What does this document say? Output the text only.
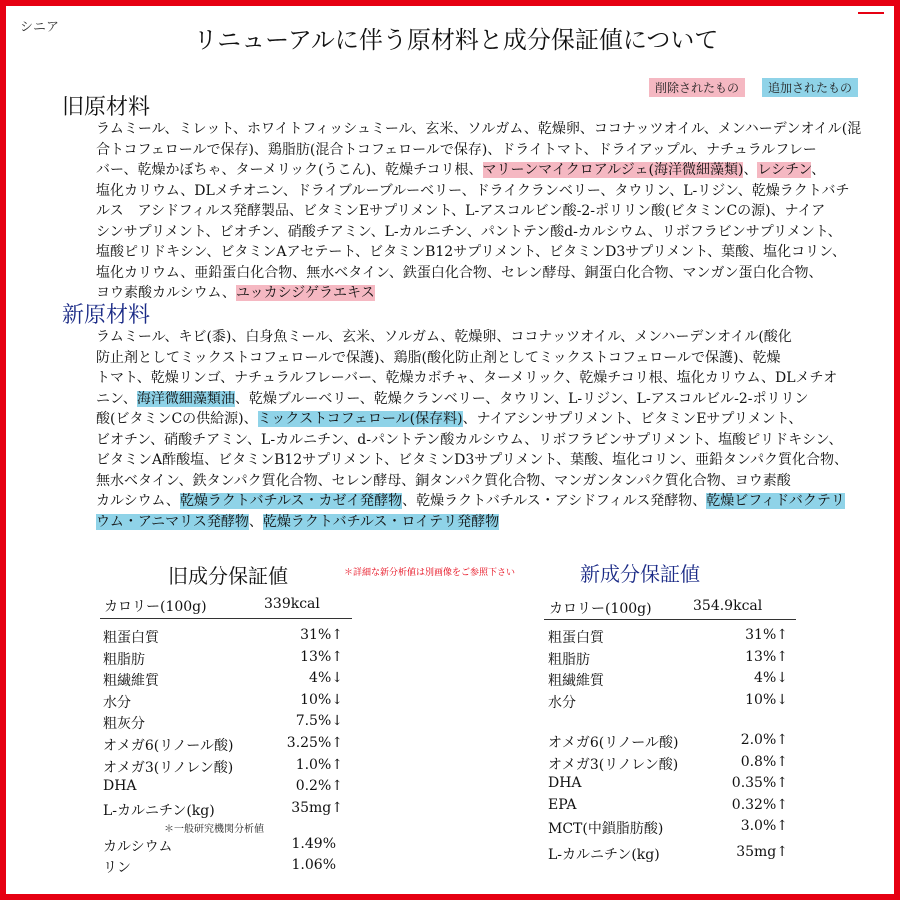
シニア	リニューアルに伴う原材料と成分保証値について
削除されたもの	追加されたもの
旧原材料
ラムミール、ミレット、ホワイトフィッシュミール、玄米、ソルガム、乾燥卵、ココナッツオイル、メンハーデンオイル(混
合トコフェロールで保存)、鶏脂肪(混合トコフェロールで保存)、ドライトマト、ドライアップル、ナチュラルフレー
バー、乾燥かぼちゃ、ターメリック(うこん)、乾燥チコリ根、マリーンマイクロアルジェ(海洋微細藻類)、レシチン、
塩化カリウム、DLメチオニン、ドライブルーブルーベリー、ドライクランベリー、タウリン、L-リジン、乾燥ラクトバチ
ルス　アシドフィルス発酵製品、ビタミンEサプリメント、L-アスコルビン酸-2-ポリリン酸(ビタミンCの源)、ナイア
シンサプリメント、ビオチン、硝酸チアミン、L-カルニチン、パントテン酸d-カルシウム、リボフラビンサプリメント、
塩酸ピリドキシン、ビタミンAアセテート、ビタミンB12サプリメント、ビタミンD3サプリメント、葉酸、塩化コリン、
塩化カリウム、亜鉛蛋白化合物、無水ベタイン、鉄蛋白化合物、セレン酵母、銅蛋白化合物、マンガン蛋白化合物、
ヨウ素酸カルシウム、ユッカシジゲラエキス
新原材料
ラムミール、キビ(黍)、白身魚ミール、玄米、ソルガム、乾燥卵、ココナッツオイル、メンハーデンオイル(酸化
防止剤としてミックストコフェロールで保護)、鶏脂(酸化防止剤としてミックストコフェロールで保護)、乾燥
トマト、乾燥リンゴ、ナチュラルフレーバー、乾燥カボチャ、ターメリック、乾燥チコリ根、塩化カリウム、DLメチオ
ニン、海洋微細藻類油、乾燥ブルーベリー、乾燥クランベリー、タウリン、L-リジン、L-アスコルビル-2-ポリリン
酸(ビタミンCの供給源)、ミックストコフェロール(保存料)、ナイアシンサプリメント、ビタミンEサプリメント、
ビオチン、硝酸チアミン、L-カルニチン、d-パントテン酸カルシウム、リボフラビンサプリメント、塩酸ピリドキシン、
ビタミンA酢酸塩、ビタミンB12サプリメント、ビタミンD3サプリメント、葉酸、塩化コリン、亜鉛タンパク質化合物、
無水ベタイン、鉄タンパク質化合物、セレン酵母、銅タンパク質化合物、マンガンタンパク質化合物、ヨウ素酸
カルシウム、乾燥ラクトバチルス・カゼイ発酵物、乾燥ラクトバチルス・アシドフィルス発酵物、乾燥ビフィドバクテリ
ウム・アニマリス発酵物、乾燥ラクトバチルス・ロイテリ発酵物
旧成分保証値	＊詳細な新分析値は別画像をご参照下さい	新成分保証値
カロリー(100g)	339kcal
粗蛋白質	31%↑
粗脂肪	13%↑
粗繊維質	4%↓
水分	10%↓
粗灰分	7.5%↓
オメガ6(リノール酸)	3.25%↑
オメガ3(リノレン酸)	1.0%↑
DHA	0.2%↑
L-カルニチン(kg)	35mg↑
＊一般研究機関分析値
カルシウム	1.49%
リン	1.06%
カロリー(100g)	354.9kcal
粗蛋白質	31%↑
粗脂肪	13%↑
粗繊維質	4%↓
水分	10%↓
オメガ6(リノール酸)	2.0%↑
オメガ3(リノレン酸)	0.8%↑
DHA	0.35%↑
EPA	0.32%↑
MCT(中鎖脂肪酸)	3.0%↑
L-カルニチン(kg)	35mg↑
